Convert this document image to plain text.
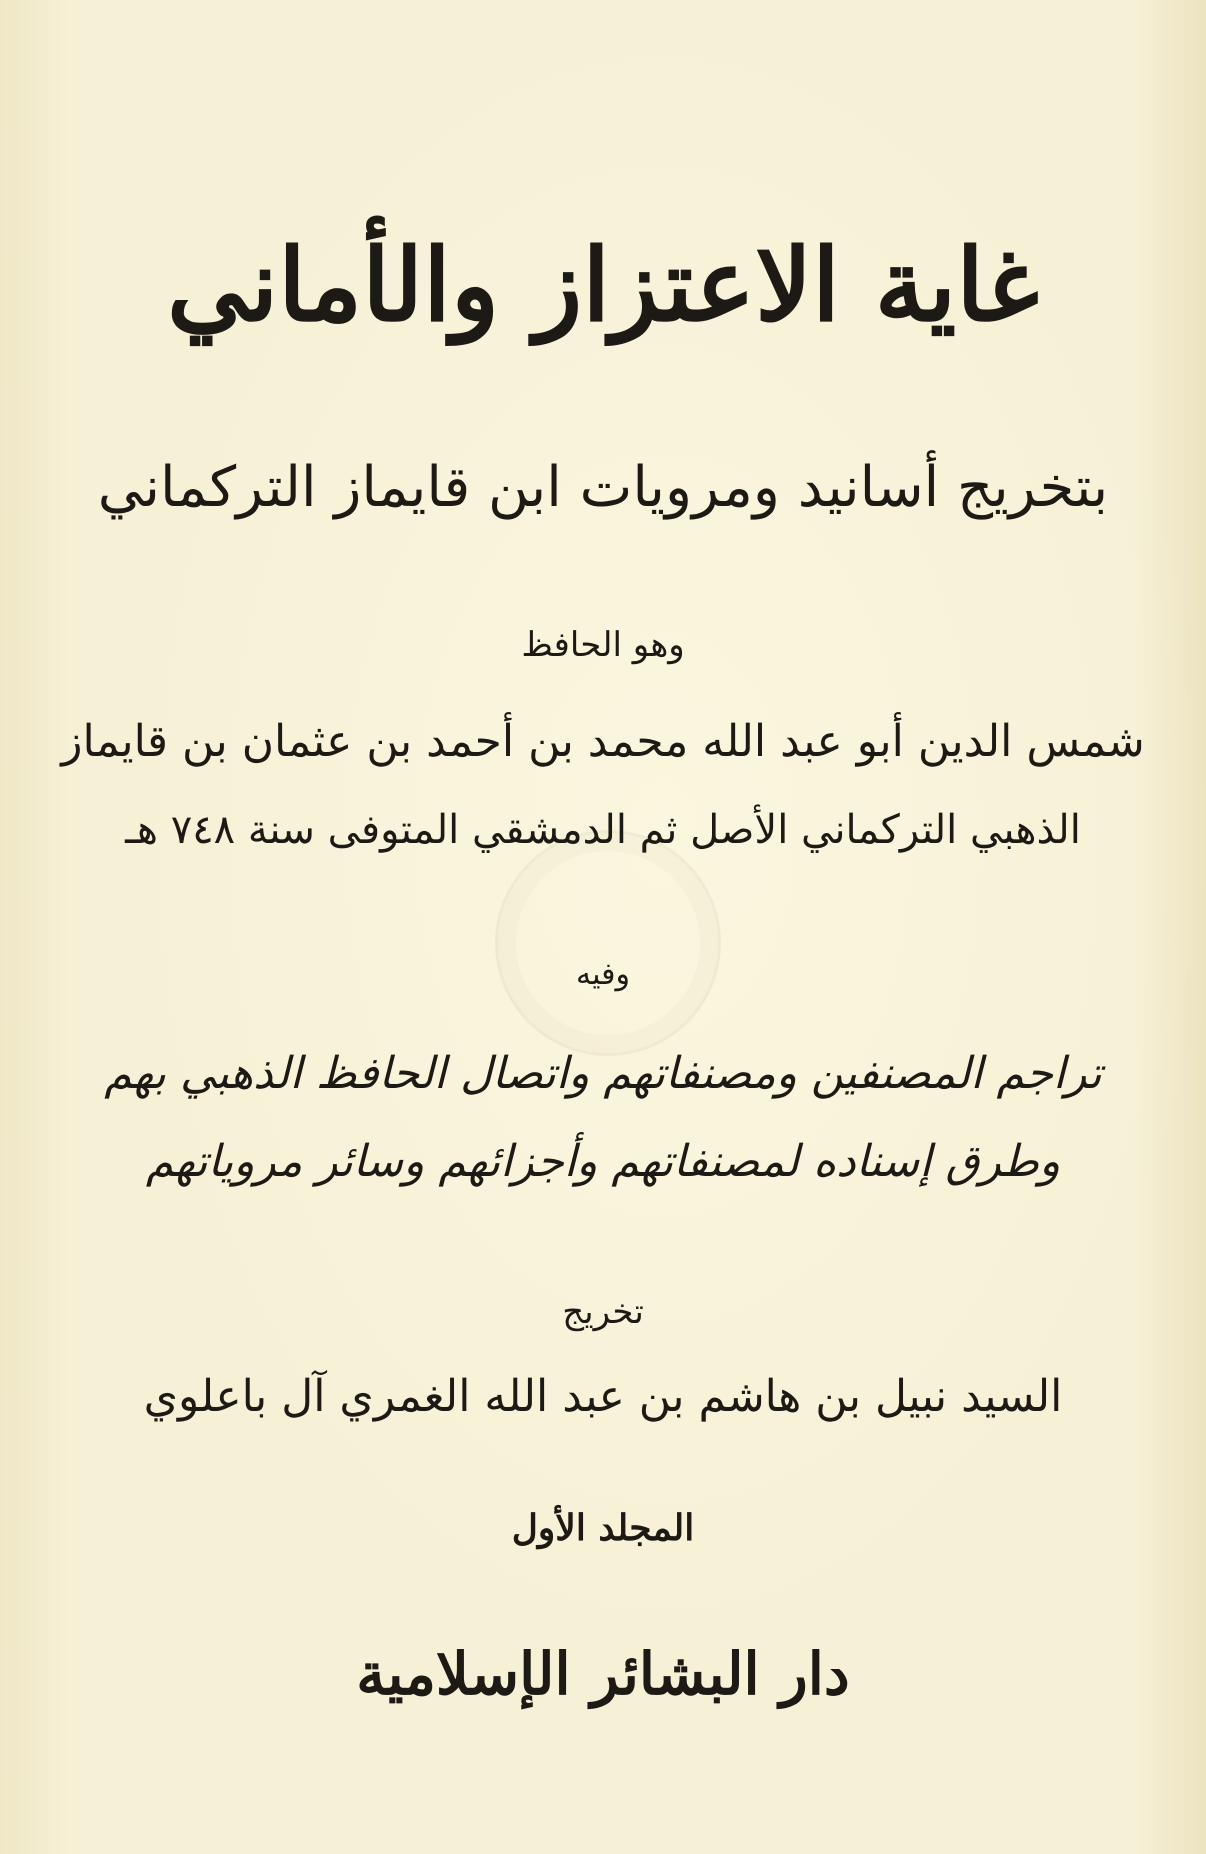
غاية الاعتزاز والأماني
بتخريج أسانيد ومرويات ابن قايماز التركماني
وهو الحافظ
شمس الدين أبو عبد الله محمد بن أحمد بن عثمان بن قايماز
الذهبي التركماني الأصل ثم الدمشقي المتوفى سنة ٧٤٨ هـ
وفيه
تراجم المصنفين ومصنفاتهم واتصال الحافظ الذهبي بهم
وطرق إسناده لمصنفاتهم وأجزائهم وسائر مروياتهم
تخريج
السيد نبيل بن هاشم بن عبد الله الغمري آل باعلوي
المجلد الأول
دار البشائر الإسلامية
